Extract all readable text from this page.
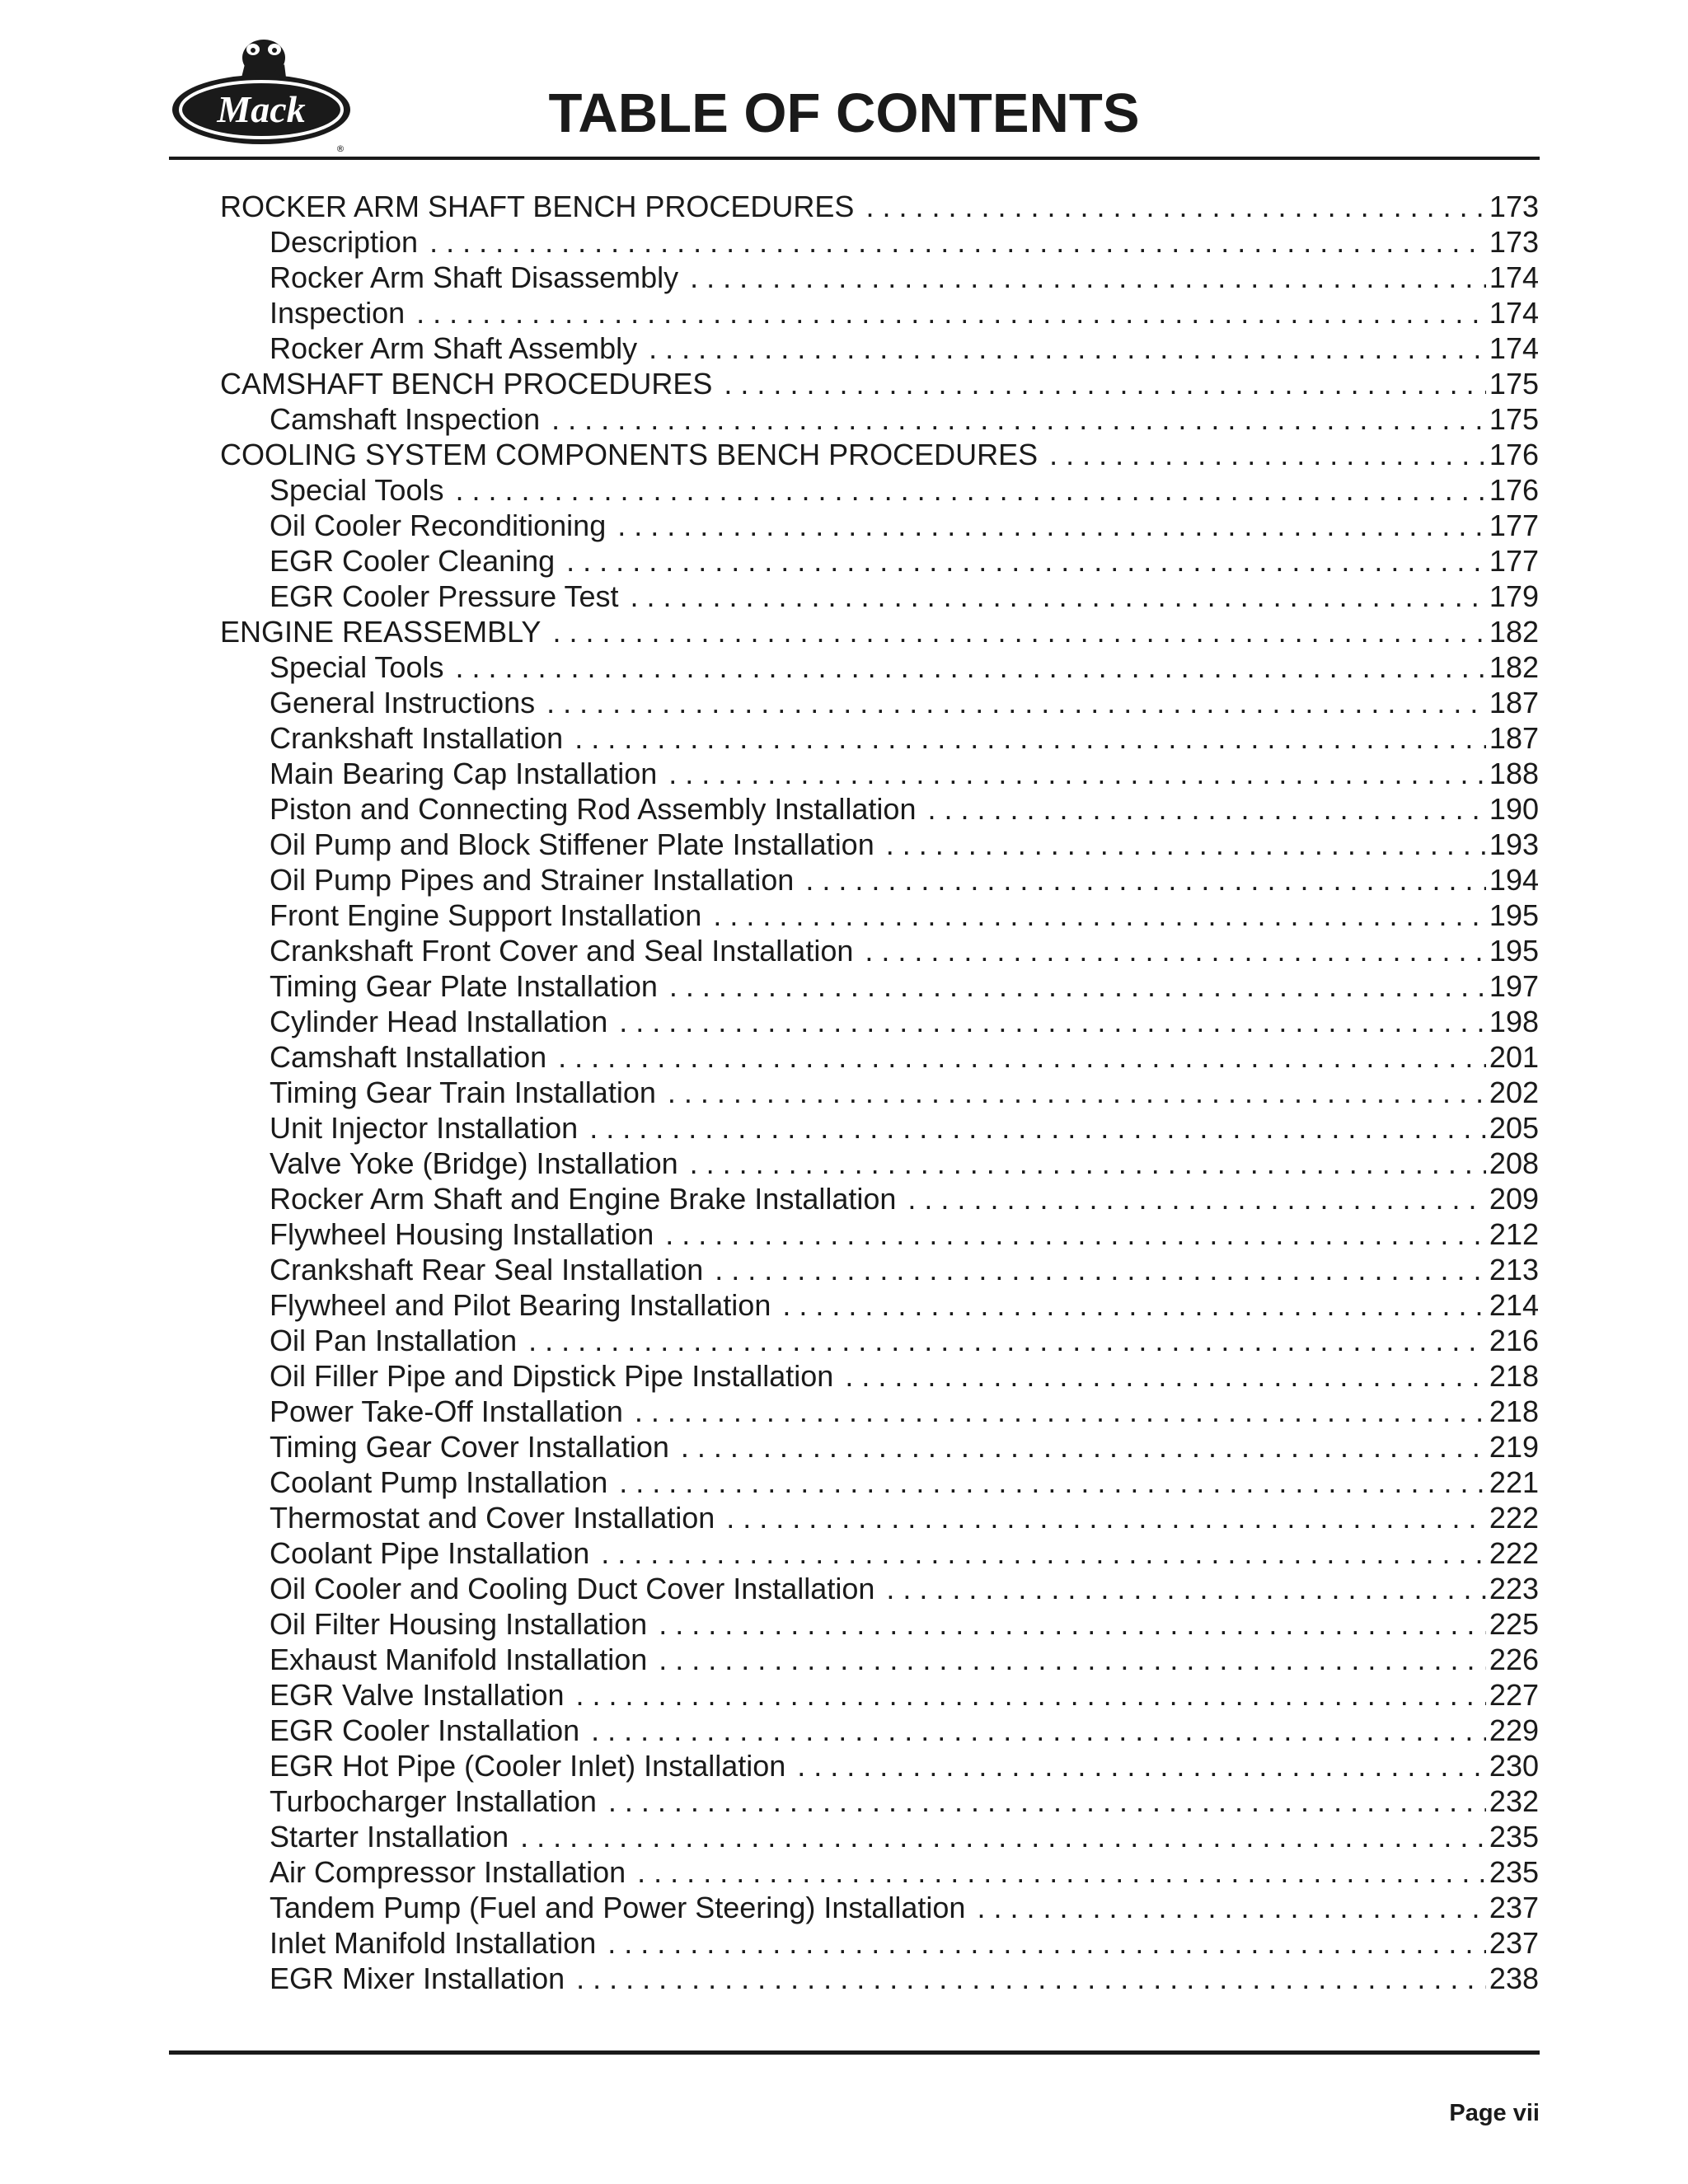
Mack
®
TABLE OF CONTENTS
ROCKER ARM SHAFT BENCH PROCEDURES . . .	173
Description . . .	173
Rocker Arm Shaft Disassembly . . .	174
Inspection . . .	174
Rocker Arm Shaft Assembly . . .	174
CAMSHAFT BENCH PROCEDURES . . .	175
Camshaft Inspection . . .	175
COOLING SYSTEM COMPONENTS BENCH PROCEDURES . . .	176
Special Tools . . .	176
Oil Cooler Reconditioning . . .	177
EGR Cooler Cleaning . . .	177
EGR Cooler Pressure Test . . .	179
ENGINE REASSEMBLY . . .	182
Special Tools . . .	182
General Instructions . . .	187
Crankshaft Installation . . .	187
Main Bearing Cap Installation . . .	188
Piston and Connecting Rod Assembly Installation . . .	190
Oil Pump and Block Stiffener Plate Installation . . .	193
Oil Pump Pipes and Strainer Installation . . .	194
Front Engine Support Installation . . .	195
Crankshaft Front Cover and Seal Installation . . .	195
Timing Gear Plate Installation . . .	197
Cylinder Head Installation . . .	198
Camshaft Installation . . .	201
Timing Gear Train Installation . . .	202
Unit Injector Installation . . .	205
Valve Yoke (Bridge) Installation . . .	208
Rocker Arm Shaft and Engine Brake Installation . . .	209
Flywheel Housing Installation . . .	212
Crankshaft Rear Seal Installation . . .	213
Flywheel and Pilot Bearing Installation . . .	214
Oil Pan Installation . . .	216
Oil Filler Pipe and Dipstick Pipe Installation . . .	218
Power Take-Off Installation . . .	218
Timing Gear Cover Installation . . .	219
Coolant Pump Installation . . .	221
Thermostat and Cover Installation . . .	222
Coolant Pipe Installation . . .	222
Oil Cooler and Cooling Duct Cover Installation . . .	223
Oil Filter Housing Installation . . .	225
Exhaust Manifold Installation . . .	226
EGR Valve Installation . . .	227
EGR Cooler Installation . . .	229
EGR Hot Pipe (Cooler Inlet) Installation . . .	230
Turbocharger Installation . . .	232
Starter Installation . . .	235
Air Compressor Installation . . .	235
Tandem Pump (Fuel and Power Steering) Installation . . .	237
Inlet Manifold Installation . . .	237
EGR Mixer Installation . . .	238
Page vii
